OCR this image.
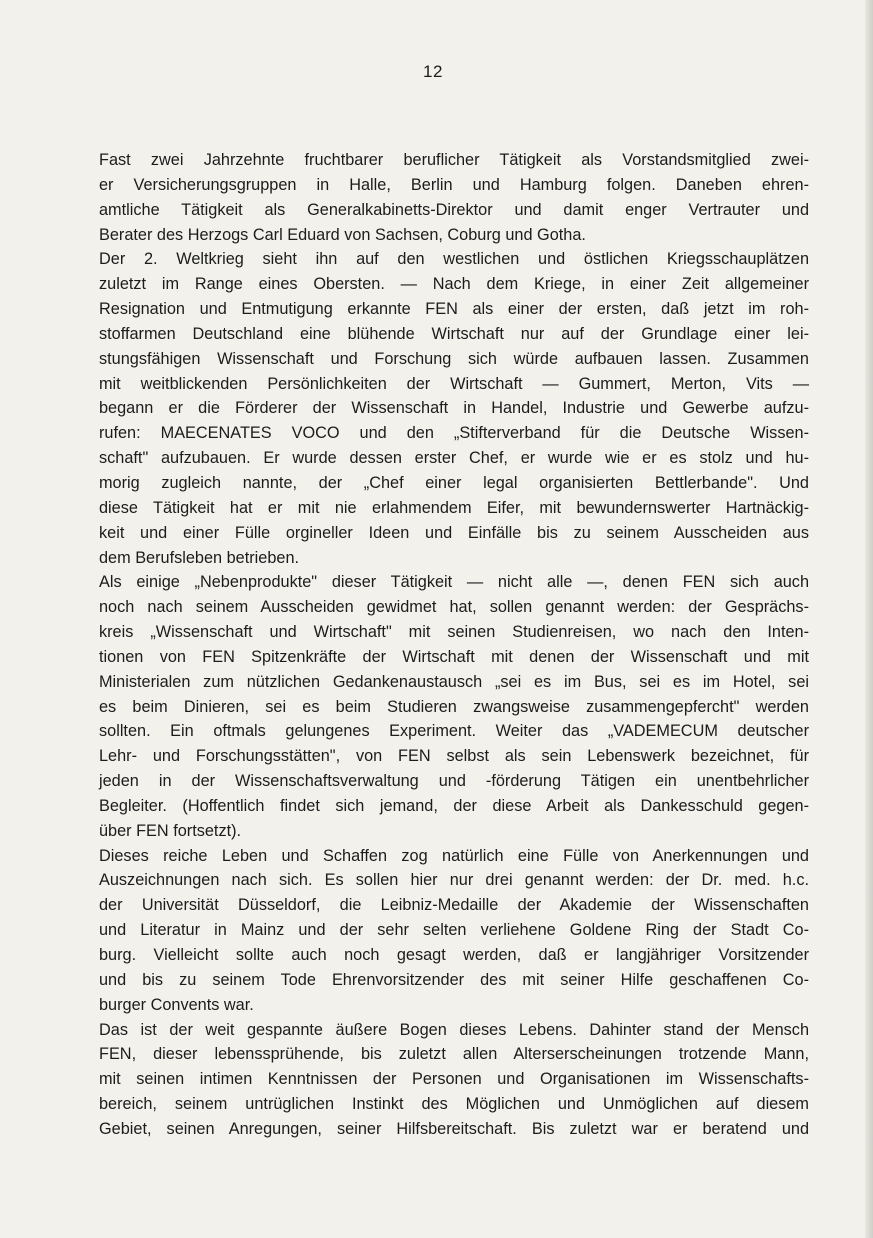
12
Fast zwei Jahrzehnte fruchtbarer beruflicher Tätigkeit als Vorstandsmitglied zwei-
er Versicherungsgruppen in Halle, Berlin und Hamburg folgen. Daneben ehren-
amtliche Tätigkeit als Generalkabinetts-Direktor und damit enger Vertrauter und
Berater des Herzogs Carl Eduard von Sachsen, Coburg und Gotha.
Der 2. Weltkrieg sieht ihn auf den westlichen und östlichen Kriegsschauplätzen
zuletzt im Range eines Obersten. — Nach dem Kriege, in einer Zeit allgemeiner
Resignation und Entmutigung erkannte FEN als einer der ersten, daß jetzt im roh-
stoffarmen Deutschland eine blühende Wirtschaft nur auf der Grundlage einer lei-
stungsfähigen Wissenschaft und Forschung sich würde aufbauen lassen. Zusammen
mit weitblickenden Persönlichkeiten der Wirtschaft — Gummert, Merton, Vits —
begann er die Förderer der Wissenschaft in Handel, Industrie und Gewerbe aufzu-
rufen: MAECENATES VOCO und den „Stifterverband für die Deutsche Wissen-
schaft" aufzubauen. Er wurde dessen erster Chef, er wurde wie er es stolz und hu-
morig zugleich nannte, der „Chef einer legal organisierten Bettlerbande". Und
diese Tätigkeit hat er mit nie erlahmendem Eifer, mit bewundernswerter Hartnäckig-
keit und einer Fülle orgineller Ideen und Einfälle bis zu seinem Ausscheiden aus
dem Berufsleben betrieben.
Als einige „Nebenprodukte" dieser Tätigkeit — nicht alle —, denen FEN sich auch
noch nach seinem Ausscheiden gewidmet hat, sollen genannt werden: der Gesprächs-
kreis „Wissenschaft und Wirtschaft" mit seinen Studienreisen, wo nach den Inten-
tionen von FEN Spitzenkräfte der Wirtschaft mit denen der Wissenschaft und mit
Ministerialen zum nützlichen Gedankenaustausch „sei es im Bus, sei es im Hotel, sei
es beim Dinieren, sei es beim Studieren zwangsweise zusammengepfercht" werden
sollten. Ein oftmals gelungenes Experiment. Weiter das „VADEMECUM deutscher
Lehr- und Forschungsstätten", von FEN selbst als sein Lebenswerk bezeichnet, für
jeden in der Wissenschaftsverwaltung und -förderung Tätigen ein unentbehrlicher
Begleiter. (Hoffentlich findet sich jemand, der diese Arbeit als Dankesschuld gegen-
über FEN fortsetzt).
Dieses reiche Leben und Schaffen zog natürlich eine Fülle von Anerkennungen und
Auszeichnungen nach sich. Es sollen hier nur drei genannt werden: der Dr. med. h.c.
der Universität Düsseldorf, die Leibniz-Medaille der Akademie der Wissenschaften
und Literatur in Mainz und der sehr selten verliehene Goldene Ring der Stadt Co-
burg. Vielleicht sollte auch noch gesagt werden, daß er langjähriger Vorsitzender
und bis zu seinem Tode Ehrenvorsitzender des mit seiner Hilfe geschaffenen Co-
burger Convents war.
Das ist der weit gespannte äußere Bogen dieses Lebens. Dahinter stand der Mensch
FEN, dieser lebenssprühende, bis zuletzt allen Alterserscheinungen trotzende Mann,
mit seinen intimen Kenntnissen der Personen und Organisationen im Wissenschafts-
bereich, seinem untrüglichen Instinkt des Möglichen und Unmöglichen auf diesem
Gebiet, seinen Anregungen, seiner Hilfsbereitschaft. Bis zuletzt war er beratend und
